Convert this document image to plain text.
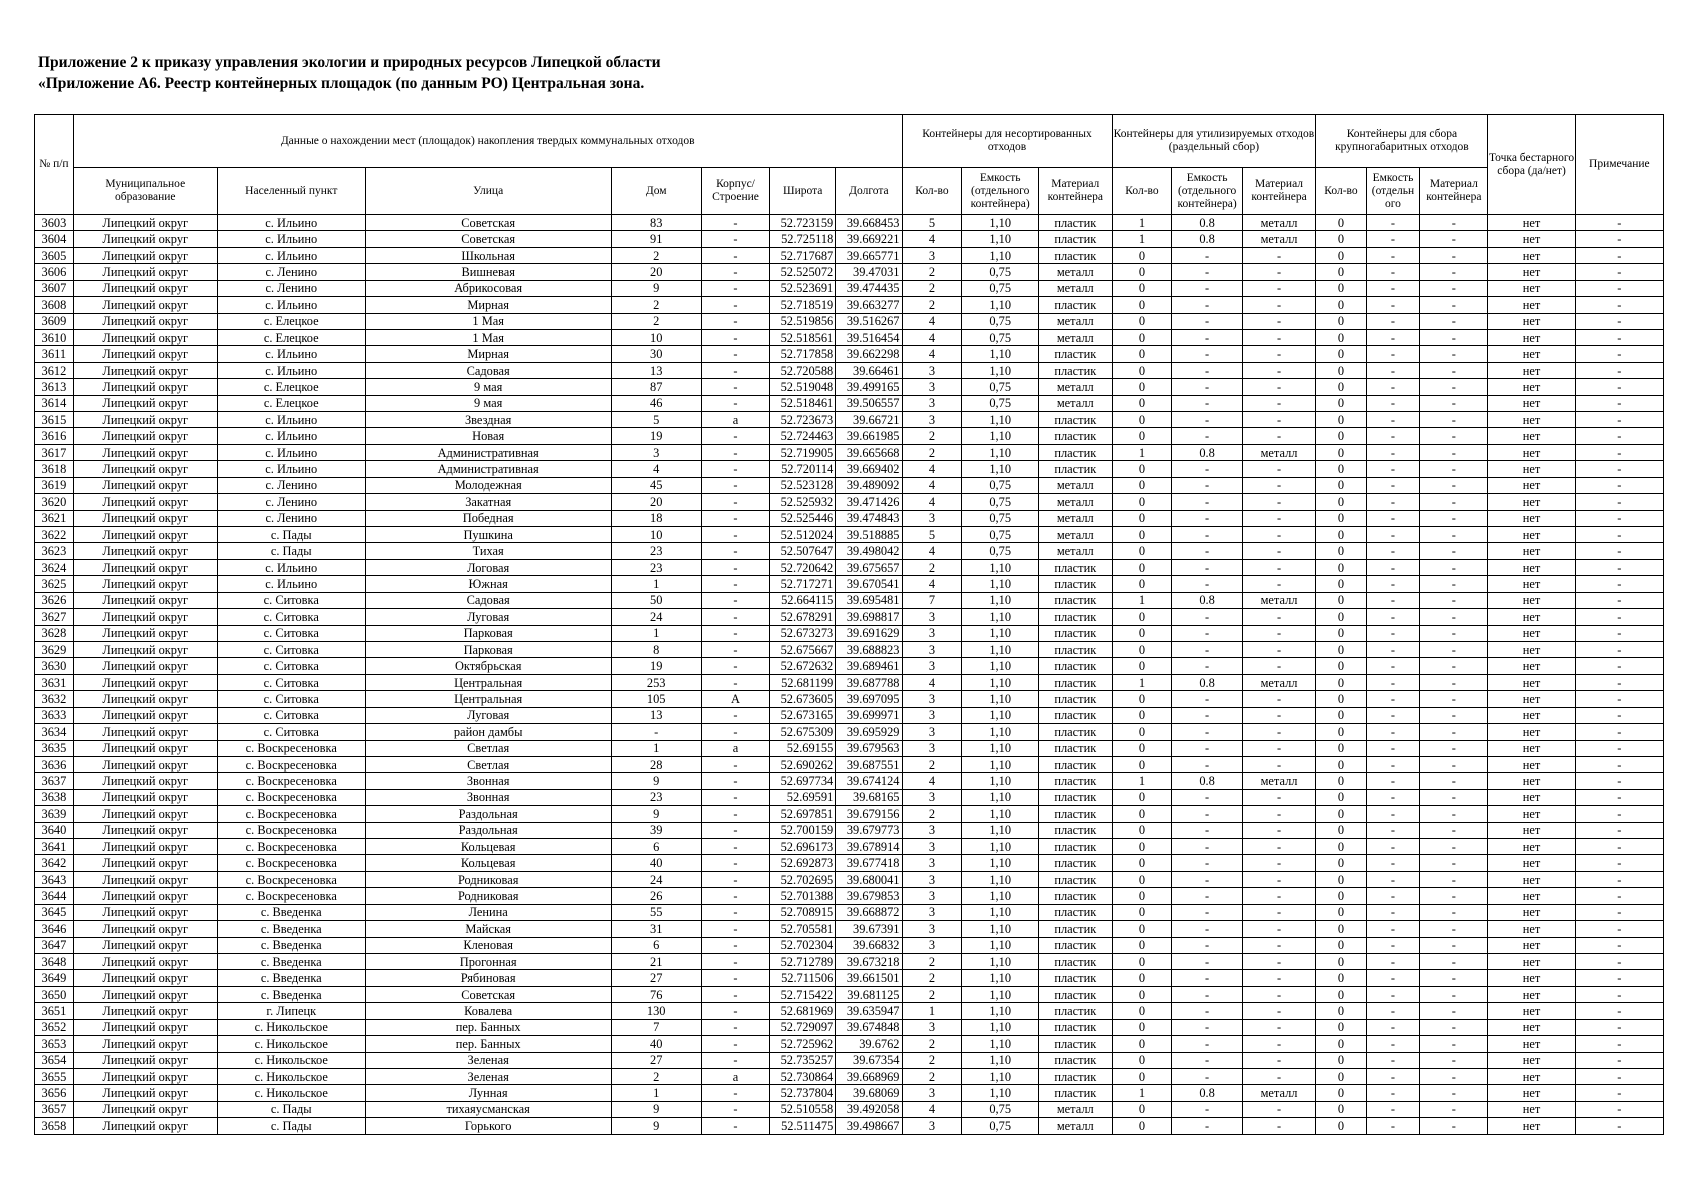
Приложение 2 к приказу управления экологии и природных ресурсов Липецкой области
«Приложение А6. Реестр контейнерных площадок (по данным РО) Центральная зона.
№ п/п	Данные о нахождении мест (площадок) накопления твердых коммунальных отходов							Контейнеры для несортированных отходов			Контейнеры для утилизируемых отходов (раздельный сбор)			Контейнеры для сбора крупногабаритных отходов			Точка бестарного сбора (да/нет)	Примечание
	Муниципальное образование	Населенный пункт	Улица	Дом	Корпус/ Строение	Широта	Долгота	Кол-во	Емкость (отдельного контейнера)	Материал контейнера	Кол-во	Емкость (отдельного контейнера)	Материал контейнера	Кол-во	Емкость (отдельн ого	Материал контейнера		
3603	Липецкий округ	с. Ильино	Советская	83	-	52.723159	39.668453	5	1,10	пластик	1	0.8	металл	0	-	-	нет	-
3604	Липецкий округ	с. Ильино	Советская	91	-	52.725118	39.669221	4	1,10	пластик	1	0.8	металл	0	-	-	нет	-
3605	Липецкий округ	с. Ильино	Школьная	2	-	52.717687	39.665771	3	1,10	пластик	0	-	-	0	-	-	нет	-
3606	Липецкий округ	с. Ленино	Вишневая	20	-	52.525072	39.47031	2	0,75	металл	0	-	-	0	-	-	нет	-
3607	Липецкий округ	с. Ленино	Абрикосовая	9	-	52.523691	39.474435	2	0,75	металл	0	-	-	0	-	-	нет	-
3608	Липецкий округ	с. Ильино	Мирная	2	-	52.718519	39.663277	2	1,10	пластик	0	-	-	0	-	-	нет	-
3609	Липецкий округ	с. Елецкое	1 Мая	2	-	52.519856	39.516267	4	0,75	металл	0	-	-	0	-	-	нет	-
3610	Липецкий округ	с. Елецкое	1 Мая	10	-	52.518561	39.516454	4	0,75	металл	0	-	-	0	-	-	нет	-
3611	Липецкий округ	с. Ильино	Мирная	30	-	52.717858	39.662298	4	1,10	пластик	0	-	-	0	-	-	нет	-
3612	Липецкий округ	с. Ильино	Садовая	13	-	52.720588	39.66461	3	1,10	пластик	0	-	-	0	-	-	нет	-
3613	Липецкий округ	с. Елецкое	9 мая	87	-	52.519048	39.499165	3	0,75	металл	0	-	-	0	-	-	нет	-
3614	Липецкий округ	с. Елецкое	9 мая	46	-	52.518461	39.506557	3	0,75	металл	0	-	-	0	-	-	нет	-
3615	Липецкий округ	с. Ильино	Звездная	5	а	52.723673	39.66721	3	1,10	пластик	0	-	-	0	-	-	нет	-
3616	Липецкий округ	с. Ильино	Новая	19	-	52.724463	39.661985	2	1,10	пластик	0	-	-	0	-	-	нет	-
3617	Липецкий округ	с. Ильино	Административная	3	-	52.719905	39.665668	2	1,10	пластик	1	0.8	металл	0	-	-	нет	-
3618	Липецкий округ	с. Ильино	Административная	4	-	52.720114	39.669402	4	1,10	пластик	0	-	-	0	-	-	нет	-
3619	Липецкий округ	с. Ленино	Молодежная	45	-	52.523128	39.489092	4	0,75	металл	0	-	-	0	-	-	нет	-
3620	Липецкий округ	с. Ленино	Закатная	20	-	52.525932	39.471426	4	0,75	металл	0	-	-	0	-	-	нет	-
3621	Липецкий округ	с. Ленино	Победная	18	-	52.525446	39.474843	3	0,75	металл	0	-	-	0	-	-	нет	-
3622	Липецкий округ	с. Пады	Пушкина	10	-	52.512024	39.518885	5	0,75	металл	0	-	-	0	-	-	нет	-
3623	Липецкий округ	с. Пады	Тихая	23	-	52.507647	39.498042	4	0,75	металл	0	-	-	0	-	-	нет	-
3624	Липецкий округ	с. Ильино	Логовая	23	-	52.720642	39.675657	2	1,10	пластик	0	-	-	0	-	-	нет	-
3625	Липецкий округ	с. Ильино	Южная	1	-	52.717271	39.670541	4	1,10	пластик	0	-	-	0	-	-	нет	-
3626	Липецкий округ	с. Ситовка	Садовая	50	-	52.664115	39.695481	7	1,10	пластик	1	0.8	металл	0	-	-	нет	-
3627	Липецкий округ	с. Ситовка	Луговая	24	-	52.678291	39.698817	3	1,10	пластик	0	-	-	0	-	-	нет	-
3628	Липецкий округ	с. Ситовка	Парковая	1	-	52.673273	39.691629	3	1,10	пластик	0	-	-	0	-	-	нет	-
3629	Липецкий округ	с. Ситовка	Парковая	8	-	52.675667	39.688823	3	1,10	пластик	0	-	-	0	-	-	нет	-
3630	Липецкий округ	с. Ситовка	Октябрьская	19	-	52.672632	39.689461	3	1,10	пластик	0	-	-	0	-	-	нет	-
3631	Липецкий округ	с. Ситовка	Центральная	253	-	52.681199	39.687788	4	1,10	пластик	1	0.8	металл	0	-	-	нет	-
3632	Липецкий округ	с. Ситовка	Центральная	105	А	52.673605	39.697095	3	1,10	пластик	0	-	-	0	-	-	нет	-
3633	Липецкий округ	с. Ситовка	Луговая	13	-	52.673165	39.699971	3	1,10	пластик	0	-	-	0	-	-	нет	-
3634	Липецкий округ	с. Ситовка	район дамбы	-	-	52.675309	39.695929	3	1,10	пластик	0	-	-	0	-	-	нет	-
3635	Липецкий округ	с. Воскресеновка	Светлая	1	а	52.69155	39.679563	3	1,10	пластик	0	-	-	0	-	-	нет	-
3636	Липецкий округ	с. Воскресеновка	Светлая	28	-	52.690262	39.687551	2	1,10	пластик	0	-	-	0	-	-	нет	-
3637	Липецкий округ	с. Воскресеновка	Звонная	9	-	52.697734	39.674124	4	1,10	пластик	1	0.8	металл	0	-	-	нет	-
3638	Липецкий округ	с. Воскресеновка	Звонная	23	-	52.69591	39.68165	3	1,10	пластик	0	-	-	0	-	-	нет	-
3639	Липецкий округ	с. Воскресеновка	Раздольная	9	-	52.697851	39.679156	2	1,10	пластик	0	-	-	0	-	-	нет	-
3640	Липецкий округ	с. Воскресеновка	Раздольная	39	-	52.700159	39.679773	3	1,10	пластик	0	-	-	0	-	-	нет	-
3641	Липецкий округ	с. Воскресеновка	Кольцевая	6	-	52.696173	39.678914	3	1,10	пластик	0	-	-	0	-	-	нет	-
3642	Липецкий округ	с. Воскресеновка	Кольцевая	40	-	52.692873	39.677418	3	1,10	пластик	0	-	-	0	-	-	нет	-
3643	Липецкий округ	с. Воскресеновка	Родниковая	24	-	52.702695	39.680041	3	1,10	пластик	0	-	-	0	-	-	нет	-
3644	Липецкий округ	с. Воскресеновка	Родниковая	26	-	52.701388	39.679853	3	1,10	пластик	0	-	-	0	-	-	нет	-
3645	Липецкий округ	с. Введенка	Ленина	55	-	52.708915	39.668872	3	1,10	пластик	0	-	-	0	-	-	нет	-
3646	Липецкий округ	с. Введенка	Майская	31	-	52.705581	39.67391	3	1,10	пластик	0	-	-	0	-	-	нет	-
3647	Липецкий округ	с. Введенка	Кленовая	6	-	52.702304	39.66832	3	1,10	пластик	0	-	-	0	-	-	нет	-
3648	Липецкий округ	с. Введенка	Прогонная	21	-	52.712789	39.673218	2	1,10	пластик	0	-	-	0	-	-	нет	-
3649	Липецкий округ	с. Введенка	Рябиновая	27	-	52.711506	39.661501	2	1,10	пластик	0	-	-	0	-	-	нет	-
3650	Липецкий округ	с. Введенка	Советская	76	-	52.715422	39.681125	2	1,10	пластик	0	-	-	0	-	-	нет	-
3651	Липецкий округ	г. Липецк	Ковалева	130	-	52.681969	39.635947	1	1,10	пластик	0	-	-	0	-	-	нет	-
3652	Липецкий округ	с. Никольское	пер. Банных	7	-	52.729097	39.674848	3	1,10	пластик	0	-	-	0	-	-	нет	-
3653	Липецкий округ	с. Никольское	пер. Банных	40	-	52.725962	39.6762	2	1,10	пластик	0	-	-	0	-	-	нет	-
3654	Липецкий округ	с. Никольское	Зеленая	27	-	52.735257	39.67354	2	1,10	пластик	0	-	-	0	-	-	нет	-
3655	Липецкий округ	с. Никольское	Зеленая	2	а	52.730864	39.668969	2	1,10	пластик	0	-	-	0	-	-	нет	-
3656	Липецкий округ	с. Никольское	Лунная	1	-	52.737804	39.68069	3	1,10	пластик	1	0.8	металл	0	-	-	нет	-
3657	Липецкий округ	с. Пады	тихаяусманская	9	-	52.510558	39.492058	4	0,75	металл	0	-	-	0	-	-	нет	-
3658	Липецкий округ	с. Пады	Горького	9	-	52.511475	39.498667	3	0,75	металл	0	-	-	0	-	-	нет	-
